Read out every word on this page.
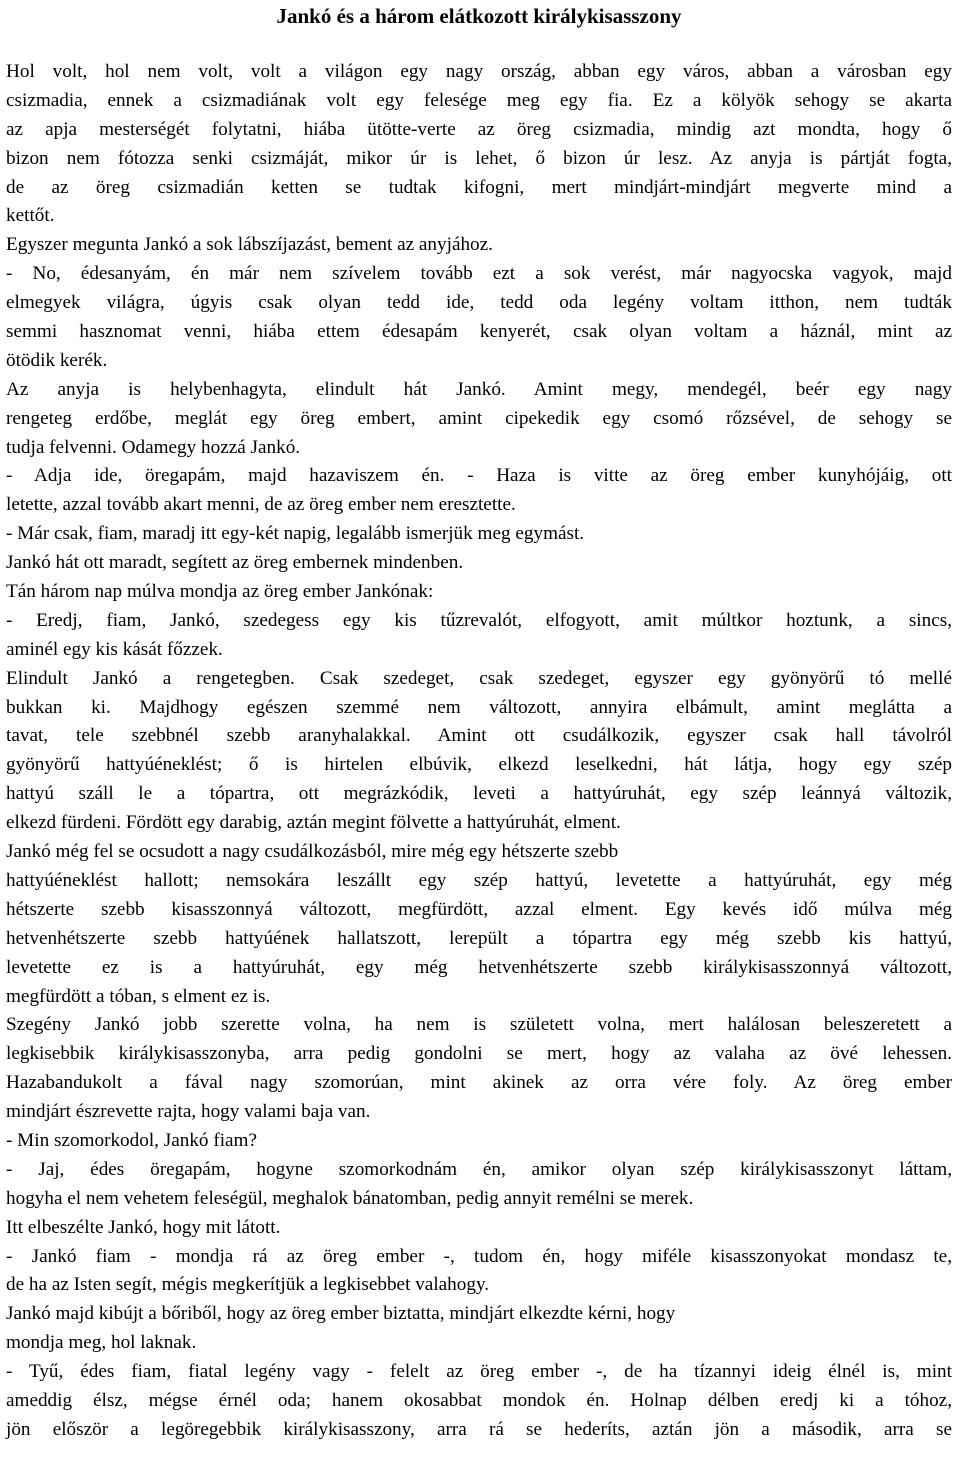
Jankó és a három elátkozott királykisasszony
Hol volt, hol nem volt, volt a világon egy nagy ország, abban egy város, abban a városban egy
csizmadia, ennek a csizmadiának volt egy felesége meg egy fia. Ez a kölyök sehogy se akarta
az apja mesterségét folytatni, hiába ütötte-verte az öreg csizmadia, mindig azt mondta, hogy ő
bizon nem fótozza senki csizmáját, mikor úr is lehet, ő bizon úr lesz. Az anyja is pártját fogta,
de az öreg csizmadián ketten se tudtak kifogni, mert mindjárt-mindjárt megverte mind a
kettőt.
Egyszer megunta Jankó a sok lábszíjazást, bement az anyjához.
- No, édesanyám, én már nem szívelem tovább ezt a sok verést, már nagyocska vagyok, majd
elmegyek világra, úgyis csak olyan tedd ide, tedd oda legény voltam itthon, nem tudták
semmi hasznomat venni, hiába ettem édesapám kenyerét, csak olyan voltam a háznál, mint az
ötödik kerék.
Az anyja is helybenhagyta, elindult hát Jankó. Amint megy, mendegél, beér egy nagy
rengeteg erdőbe, meglát egy öreg embert, amint cipekedik egy csomó rőzsével, de sehogy se
tudja felvenni. Odamegy hozzá Jankó.
- Adja ide, öregapám, majd hazaviszem én. - Haza is vitte az öreg ember kunyhójáig, ott
letette, azzal tovább akart menni, de az öreg ember nem eresztette.
- Már csak, fiam, maradj itt egy-két napig, legalább ismerjük meg egymást.
Jankó hát ott maradt, segített az öreg embernek mindenben.
Tán három nap múlva mondja az öreg ember Jankónak:
- Eredj, fiam, Jankó, szedegess egy kis tűzrevalót, elfogyott, amit múltkor hoztunk, a sincs,
aminél egy kis kását főzzek.
Elindult Jankó a rengetegben. Csak szedeget, csak szedeget, egyszer egy gyönyörű tó mellé
bukkan ki. Majdhogy egészen szemmé nem változott, annyira elbámult, amint meglátta a
tavat, tele szebbnél szebb aranyhalakkal. Amint ott csudálkozik, egyszer csak hall távolról
gyönyörű hattyúéneklést; ő is hirtelen elbúvik, elkezd leselkedni, hát látja, hogy egy szép
hattyú száll le a tópartra, ott megrázkódik, leveti a hattyúruhát, egy szép leánnyá változik,
elkezd fürdeni. Fördött egy darabig, aztán megint fölvette a hattyúruhát, elment.
Jankó még fel se ocsudott a nagy csudálkozásból, mire még egy hétszerte szebb
hattyúéneklést hallott; nemsokára leszállt egy szép hattyú, levetette a hattyúruhát, egy még
hétszerte szebb kisasszonnyá változott, megfürdött, azzal elment. Egy kevés idő múlva még
hetvenhétszerte szebb hattyúének hallatszott, lerepült a tópartra egy még szebb kis hattyú,
levetette ez is a hattyúruhát, egy még hetvenhétszerte szebb királykisasszonnyá változott,
megfürdött a tóban, s elment ez is.
Szegény Jankó jobb szerette volna, ha nem is született volna, mert halálosan beleszeretett a
legkisebbik királykisasszonyba, arra pedig gondolni se mert, hogy az valaha az övé lehessen.
Hazabandukolt a fával nagy szomorúan, mint akinek az orra vére foly. Az öreg ember
mindjárt észrevette rajta, hogy valami baja van.
- Min szomorkodol, Jankó fiam?
- Jaj, édes öregapám, hogyne szomorkodnám én, amikor olyan szép királykisasszonyt láttam,
hogyha el nem vehetem feleségül, meghalok bánatomban, pedig annyit remélni se merek.
Itt elbeszélte Jankó, hogy mit látott.
- Jankó fiam - mondja rá az öreg ember -, tudom én, hogy miféle kisasszonyokat mondasz te,
de ha az Isten segít, mégis megkerítjük a legkisebbet valahogy.
Jankó majd kibújt a bőriből, hogy az öreg ember biztatta, mindjárt elkezdte kérni, hogy
mondja meg, hol laknak.
- Tyű, édes fiam, fiatal legény vagy - felelt az öreg ember -, de ha tízannyi ideig élnél is, mint
ameddig élsz, mégse érnél oda; hanem okosabbat mondok én. Holnap délben eredj ki a tóhoz,
jön először a legöregebbik királykisasszony, arra rá se hederíts, aztán jön a második, arra se
